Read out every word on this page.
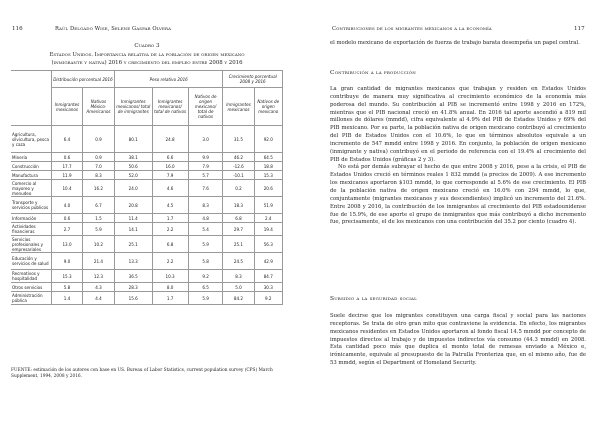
116	Raúl Delgado Wise, Selene Gaspar Olvera
Cuadro 3
Estados Unidos. Importancia relativa de la población de origen mexicano
(inmigrante y nativa) 2016 y crecimiento del empleo entre 2008 y 2016
	Distribución porcentual 2016		Peso relativo 2016			Crecimiento porcentual 2008 y 2016	
	Inmigrantes mexicanos	Nativos México-Americanos	Inmigrantes mexicanos/ total de inmigrantes	Inmigrantes mexicanos/ total de nativos	Nativos de origen mexicano/ total de nativos	Inmigrantes mexicanos	Nativos de origen mexicano
Agricultura, silvicultura, pesca y caza	6.4	0.9	80.1	24.8	3.0	31.5	92.0
Minería	0.6	0.9	38.1	6.6	9.9	46.2	64.5
Construcción	17.7	7.0	50.6	16.0	7.9	-12.6	18.8
Manufactura	11.9	8.3	52.0	7.9	5.7	-10.1	15.3
Comercio al mayoreo y menudeo	10.4	16.2	24.0	4.6	7.6	0.2	20.6
Transporte y servicios públicos	4.0	6.7	20.8	4.5	8.3	18.3	51.9
Información	0.6	1.5	11.4	1.7	4.8	6.8	2.4
Actividades financieras	2.7	5.9	14.1	2.2	5.4	29.7	19.4
Servicios profesionales y empresariales	13.0	10.2	25.1	6.8	5.9	25.1	56.3
Educación y servicios de salud	9.0	21.4	13.3	2.2	5.8	24.5	42.9
Recreativos y hospitalidad	15.3	12.3	36.5	10.3	9.2	8.3	84.7
Otros servicios	5.8	4.3	28.3	8.0	6.5	5.0	30.3
Administración pública	1.4	4.4	15.6	1.7	5.9	84.2	9.2
FUENTE: estimación de los autores con base en US. Bureau of Labor Statistics, current population survey (CPS) March Supplement, 1994, 2008 y 2016.
Contribuciones de los migrantes mexicanos a la economía	117
el modelo mexicano de exportación de fuerza de trabajo barata desempeña un papel central.
Contribución a la producción

La gran cantidad de migrantes mexicanos que trabajan y residen en Estados Unidos contribuye de manera muy significativa al crecimiento económico de la economía más poderosa del mundo. Su contribución al PIB se incrementó entre 1998 y 2016 en 172%, mientras que el PIB nacional creció en 41.8% anual. En 2016 tal aporte ascendió a 819 mil millones de dólares (mmdd), cifra equivalente al 4.9% del PIB de Estados Unidos y 69% del PIB mexicano. Por su parte, la población nativa de origen mexicano contribuyó al crecimiento del PIB de Estados Unidos con el 10.6%, lo que en términos absolutos equivale a un incremento de 547 mmdd entre 1998 y 2016. En conjunto, la población de origen mexicano (inmigrante y nativa) contribuyó en el periodo de referencia con el 19.4% al crecimiento del PIB de Estados Unidos (gráficas 2 y 3).

No está por demás subrayar el hecho de que entre 2008 y 2016, pese a la crisis, el PIB de Estados Unidos creció en términos reales 1 832 mmdd (a precios de 2009). A ese incremento los mexicanos aportaron $103 mmdd, lo que corresponde al 5.6% de ese crecimiento. El PIB de la población nativa de origen mexicano creció en 16.0% con 294 mmdd, lo que, conjuntamente (migrantes mexicanos y sus descendientes) implicó un incremento del 21.6%. Entre 2008 y 2016, la contribución de los inmigrantes al crecimiento del PIB estadounidense fue de 15.9%, de ese aporte el grupo de inmigrantes que más contribuyó a dicho incremento fue, precisamente, el de los mexicanos con una contribución del 35.2 por ciento (cuadro 4).

Subsidio a la seguridad social

Suele decirse que los migrantes constituyen una carga fiscal y social para las naciones receptoras. Se trata de otro gran mito que contraviene la evidencia. En efecto, los migrantes mexicanos residentes en Estados Unidos aportaron al fondo fiscal 14.5 mmdd por concepto de impuestos directos al trabajo y de impuestos indirectos vía consumo (44.3 mmdd) en 2008. Esta cantidad poco más que duplica el monto total de remesas enviado a México e, irónicamente, equivale al presupuesto de la Patrulla Fronteriza que, en el mismo año, fue de 53 mmdd, según el Department of Homeland Security.
